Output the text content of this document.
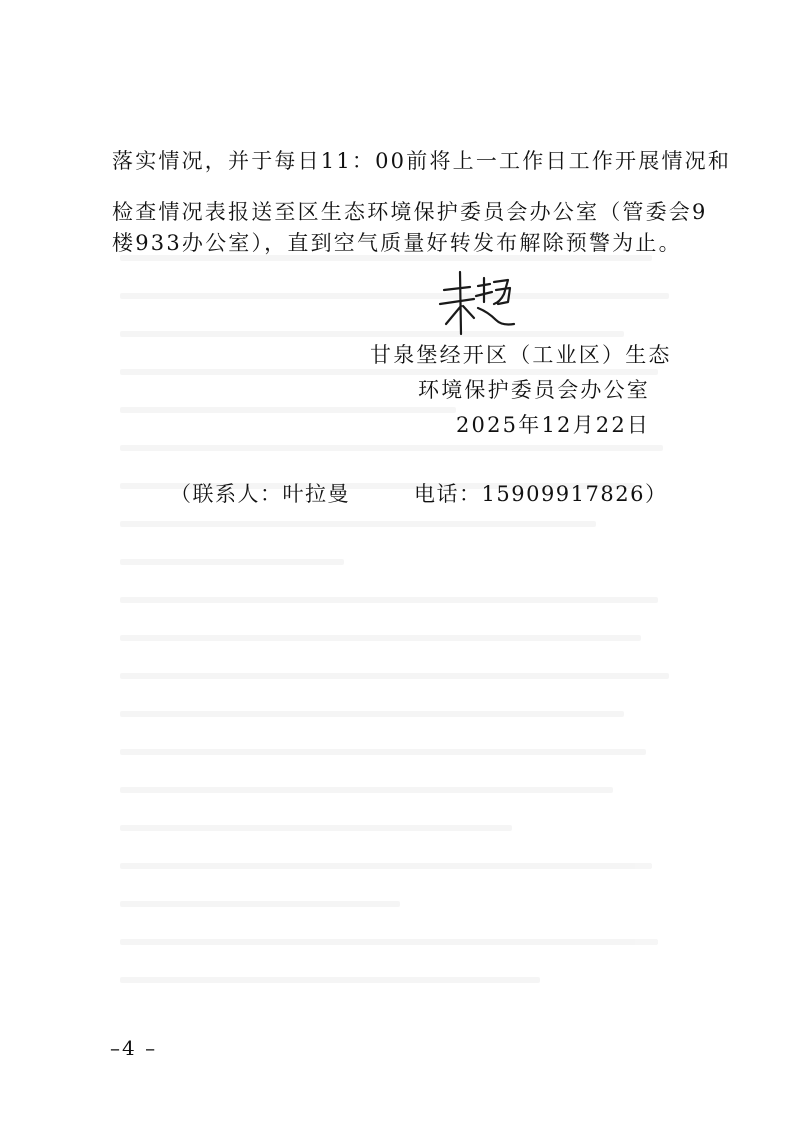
落实情况，并于每日11：00前将上一工作日工作开展情况和
检查情况表报送至区生态环境保护委员会办公室（管委会9
楼933办公室），直到空气质量好转发布解除预警为止。
甘泉堡经开区（工业区）生态
环境保护委员会办公室
2025年12月22日
（联系人：叶拉曼	电话：15909917826）
–4 –
